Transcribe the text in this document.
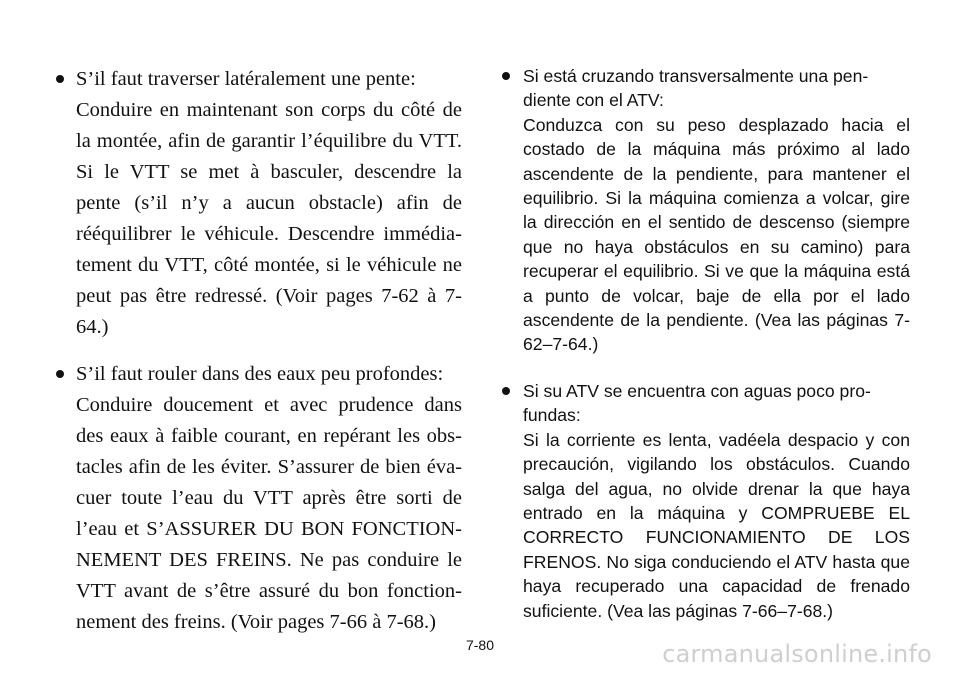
S’il faut traverser latéralement une pente:
Conduire en maintenant son corps du côté de la montée, afin de garantir l’équilibre du VTT. Si le VTT se met à basculer, descendre la pente (s’il n’y a aucun obstacle) afin de rééquilibrer le véhicule. Descendre immédiatement du VTT, côté montée, si le véhicule ne peut pas être redressé. (Voir pages 7-62 à 7-64.)
S’il faut rouler dans des eaux peu profondes:
Conduire doucement et avec prudence dans des eaux à faible courant, en repérant les obstacles afin de les éviter. S’assurer de bien évacuer toute l’eau du VTT après être sorti de l’eau et S’ASSURER DU BON FONCTIONNEMENT DES FREINS. Ne pas conduire le VTT avant de s’être assuré du bon fonctionnement des freins. (Voir pages 7-66 à 7-68.)
Si está cruzando transversalmente una pendiente con el ATV:
Conduzca con su peso desplazado hacia el costado de la máquina más próximo al lado ascendente de la pendiente, para mantener el equilibrio. Si la máquina comienza a volcar, gire la dirección en el sentido de descenso (siempre que no haya obstáculos en su camino) para recuperar el equilibrio. Si ve que la máquina está a punto de volcar, baje de ella por el lado ascendente de la pendiente. (Vea las páginas 7-62–7-64.)
Si su ATV se encuentra con aguas poco profundas:
Si la corriente es lenta, vadéela despacio y con precaución, vigilando los obstáculos. Cuando salga del agua, no olvide drenar la que haya entrado en la máquina y COMPRUEBE EL CORRECTO FUNCIONAMIENTO DE LOS FRENOS. No siga conduciendo el ATV hasta que haya recuperado una capacidad de frenado suficiente. (Vea las páginas 7-66–7-68.)
7-80	carmanualsonline.info
